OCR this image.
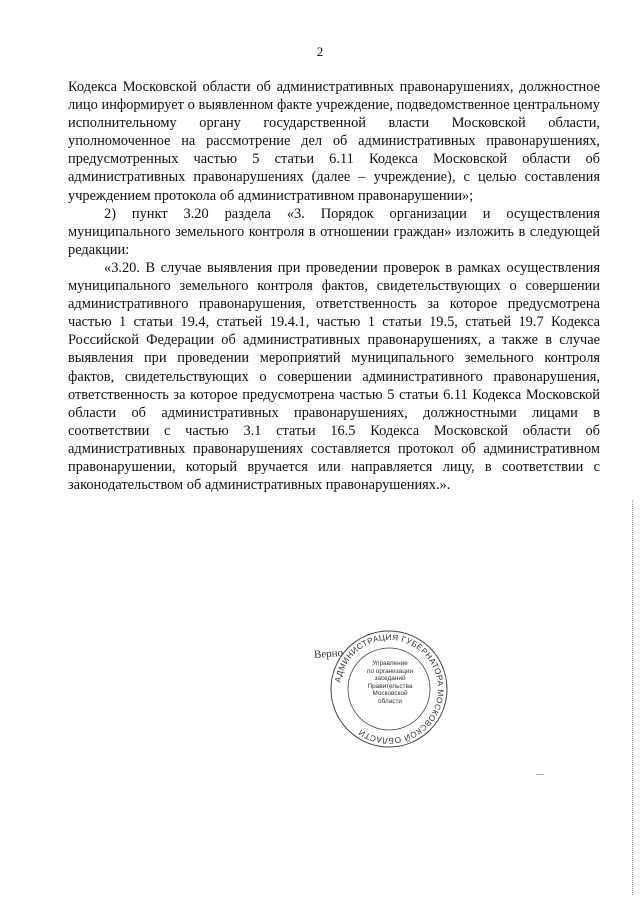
2

Кодекса Московской области об административных правонарушениях, должностное лицо информирует о выявленном факте учреждение, подведомственное центральному исполнительному органу государственной власти Московской области, уполномоченное на рассмотрение дел об административных правонарушениях, предусмотренных частью 5 статьи 6.11 Кодекса Московской области об административных правонарушениях (далее – учреждение), с целью составления учреждением протокола об административном правонарушении»;

2) пункт 3.20 раздела «3. Порядок организации и осуществления муниципального земельного контроля в отношении граждан» изложить в следующей редакции:

«3.20. В случае выявления при проведении проверок в рамках осуществления муниципального земельного контроля фактов, свидетельствующих о совершении административного правонарушения, ответственность за которое предусмотрена частью 1 статьи 19.4, статьей 19.4.1, частью 1 статьи 19.5, статьей 19.7 Кодекса Российской Федерации об административных правонарушениях, а также в случае выявления при проведении мероприятий муниципального земельного контроля фактов, свидетельствующих о совершении административного правонарушения, ответственность за которое предусмотрена частью 5 статьи 6.11 Кодекса Московской области об административных правонарушениях, должностными лицами в соответствии с частью 3.1 статьи 16.5 Кодекса Московской области об административных правонарушениях составляется протокол об административном правонарушении, который вручается или направляется лицу, в соответствии с законодательством об административных правонарушениях.».

Верно
АДМИНИСТРАЦИЯ ГУБЕРНАТОРА МОСКОВСКОЙ ОБЛАСТИ
Управление
по организации
заседаний
Правительства
Московской
области
